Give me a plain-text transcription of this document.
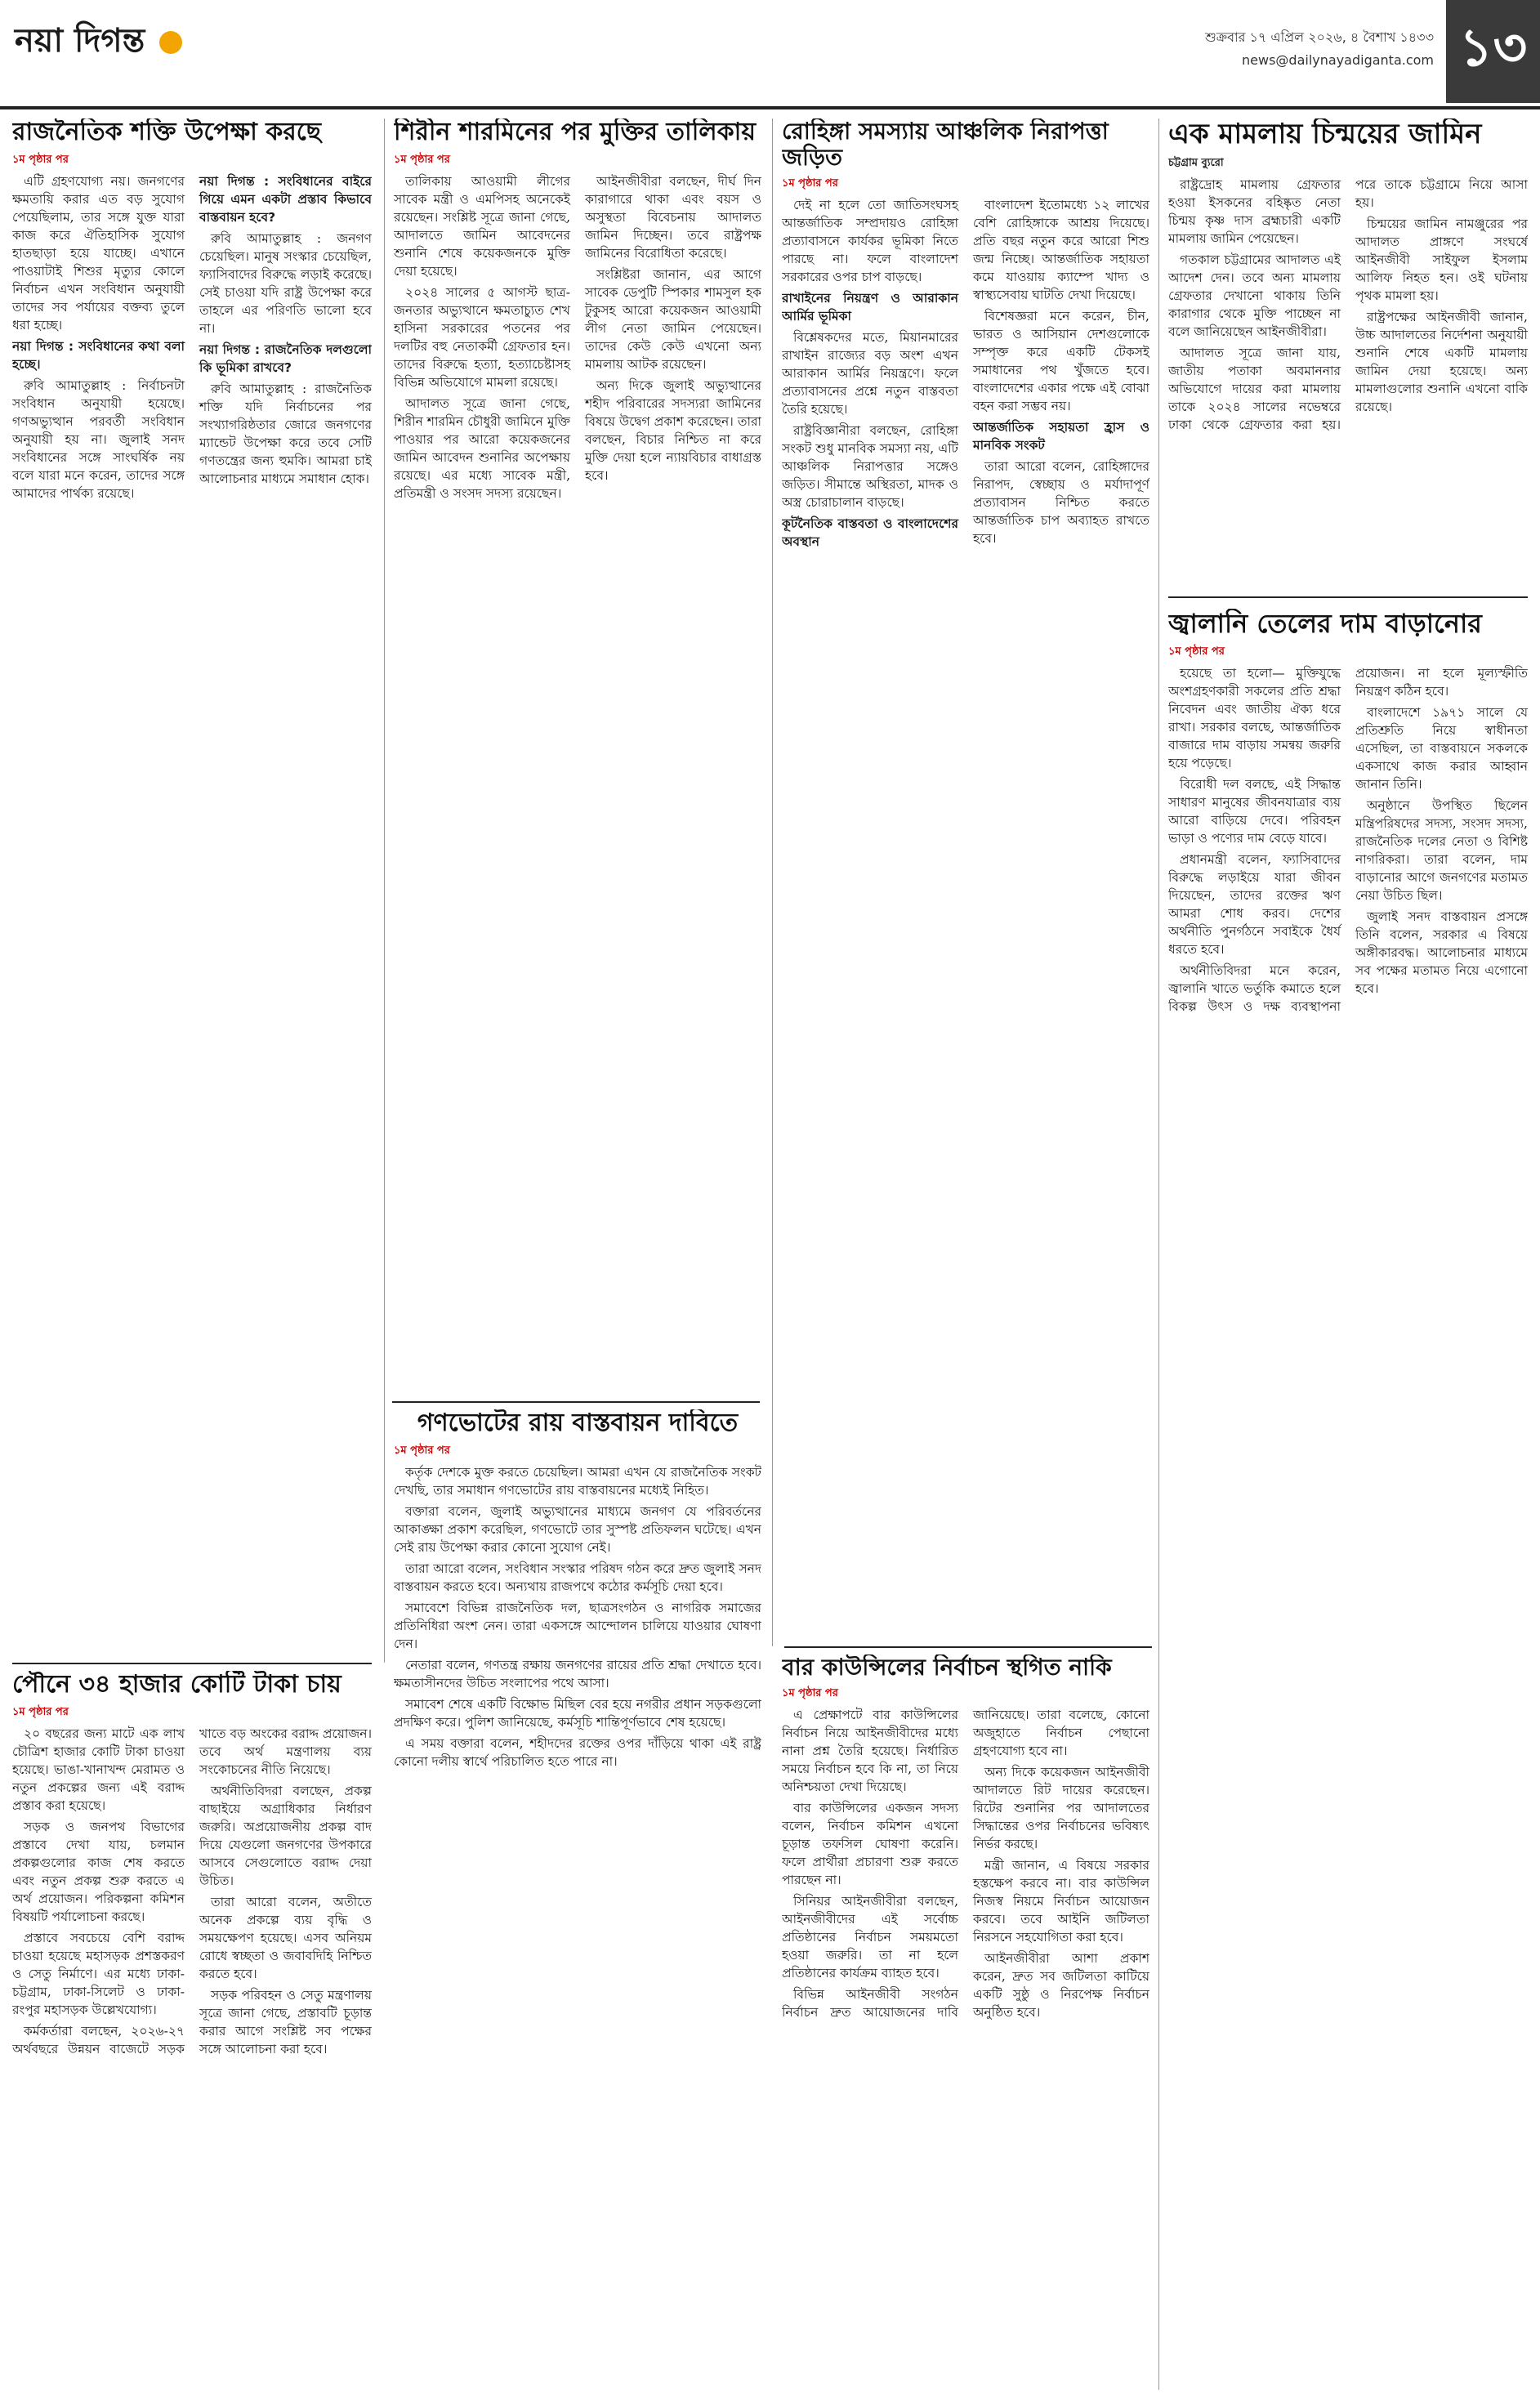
নয়া দিগন্ত	শুক্রবার ১৭ এপ্রিল ২০২৬, ৪ বৈশাখ ১৪৩৩
news@dailynayadiganta.com ১৩
রাজনৈতিক শক্তি উপেক্ষা করছে
১ম পৃষ্ঠার পর

এটি গ্রহণযোগ্য নয়। জনগণের ক্ষমতায়ি করার এত বড় সুযোগ পেয়েছিলাম, তার সঙ্গে যুক্ত যারা কাজ করে ঐতিহাসিক সুযোগ হাতছাড়া হয়ে যাচ্ছে। এখানে পাওয়াটাই শিশুর মৃত্যুর কোলে নির্বাচন এখন সংবিধান অনুযায়ী তাদের সব পর্যায়ের বক্তব্য তুলে ধরা হচ্ছে।

নয়া দিগন্ত : সংবিধানের কথা বলা হচ্ছে।

রুবি আমাতুল্লাহ : নির্বাচনটা সংবিধান অনুযায়ী হয়েছে। গণঅভ্যুত্থান পরবর্তী সংবিধান অনুযায়ী হয় না। জুলাই সনদ সংবিধানের সঙ্গে সাংঘর্ষিক নয় বলে যারা মনে করেন, তাদের সঙ্গে আমাদের পার্থক্য রয়েছে।

নয়া দিগন্ত : সংবিধানের বাইরে গিয়ে এমন একটা প্রস্তাব কিভাবে বাস্তবায়ন হবে?

রুবি আমাতুল্লাহ : জনগণ চেয়েছিল। মানুষ সংস্কার চেয়েছিল, ফ্যাসিবাদের বিরুদ্ধে লড়াই করেছে। সেই চাওয়া যদি রাষ্ট্র উপেক্ষা করে তাহলে এর পরিণতি ভালো হবে না।

নয়া দিগন্ত : রাজনৈতিক দলগুলো কি ভূমিকা রাখবে?

রুবি আমাতুল্লাহ : রাজনৈতিক শক্তি যদি নির্বাচনের পর সংখ্যাগরিষ্ঠতার জোরে জনগণের ম্যান্ডেট উপেক্ষা করে তবে সেটি গণতন্ত্রের জন্য হুমকি। আমরা চাই আলোচনার মাধ্যমে সমাধান হোক।

শিরীন শারমিনের পর মুক্তির তালিকায়
১ম পৃষ্ঠার পর

তালিকায় আওয়ামী লীগের সাবেক মন্ত্রী ও এমপিসহ অনেকেই রয়েছেন। সংশ্লিষ্ট সূত্রে জানা গেছে, আদালতে জামিন আবেদনের শুনানি শেষে কয়েকজনকে মুক্তি দেয়া হয়েছে।

২০২৪ সালের ৫ আগস্ট ছাত্র-জনতার অভ্যুত্থানে ক্ষমতাচ্যুত শেখ হাসিনা সরকারের পতনের পর দলটির বহু নেতাকর্মী গ্রেফতার হন। তাদের বিরুদ্ধে হত্যা, হত্যাচেষ্টাসহ বিভিন্ন অভিযোগে মামলা রয়েছে।

আদালত সূত্রে জানা গেছে, শিরীন শারমিন চৌধুরী জামিনে মুক্তি পাওয়ার পর আরো কয়েকজনের জামিন আবেদন শুনানির অপেক্ষায় রয়েছে। এর মধ্যে সাবেক মন্ত্রী, প্রতিমন্ত্রী ও সংসদ সদস্য রয়েছেন।

আইনজীবীরা বলছেন, দীর্ঘ দিন কারাগারে থাকা এবং বয়স ও অসুস্থতা বিবেচনায় আদালত জামিন দিচ্ছেন। তবে রাষ্ট্রপক্ষ জামিনের বিরোধিতা করেছে।

সংশ্লিষ্টরা জানান, এর আগে সাবেক ডেপুটি স্পিকার শামসুল হক টুকুসহ আরো কয়েকজন আওয়ামী লীগ নেতা জামিন পেয়েছেন। তাদের কেউ কেউ এখনো অন্য মামলায় আটক রয়েছেন।

অন্য দিকে জুলাই অভ্যুত্থানের শহীদ পরিবারের সদস্যরা জামিনের বিষয়ে উদ্বেগ প্রকাশ করেছেন। তারা বলছেন, বিচার নিশ্চিত না করে মুক্তি দেয়া হলে ন্যায়বিচার বাধাগ্রস্ত হবে।

রোহিঙ্গা সমস্যায় আঞ্চলিক নিরাপত্তা জড়িত
১ম পৃষ্ঠার পর

দেই না হলে তো জাতিসংঘসহ আন্তর্জাতিক সম্প্রদায়ও রোহিঙ্গা প্রত্যাবাসনে কার্যকর ভূমিকা নিতে পারছে না। ফলে বাংলাদেশ সরকারের ওপর চাপ বাড়ছে।

রাখাইনের নিয়ন্ত্রণ ও আরাকান আর্মির ভূমিকা

বিশ্লেষকদের মতে, মিয়ানমারের রাখাইন রাজ্যের বড় অংশ এখন আরাকান আর্মির নিয়ন্ত্রণে। ফলে প্রত্যাবাসনের প্রশ্নে নতুন বাস্তবতা তৈরি হয়েছে।

রাষ্ট্রবিজ্ঞানীরা বলছেন, রোহিঙ্গা সংকট শুধু মানবিক সমস্যা নয়, এটি আঞ্চলিক নিরাপত্তার সঙ্গেও জড়িত। সীমান্তে অস্থিরতা, মাদক ও অস্ত্র চোরাচালান বাড়ছে।

কূটনৈতিক বাস্তবতা ও বাংলাদেশের অবস্থান

বাংলাদেশ ইতোমধ্যে ১২ লাখের বেশি রোহিঙ্গাকে আশ্রয় দিয়েছে। প্রতি বছর নতুন করে আরো শিশু জন্ম নিচ্ছে। আন্তর্জাতিক সহায়তা কমে যাওয়ায় ক্যাম্পে খাদ্য ও স্বাস্থ্যসেবায় ঘাটতি দেখা দিয়েছে।

বিশেষজ্ঞরা মনে করেন, চীন, ভারত ও আসিয়ান দেশগুলোকে সম্পৃক্ত করে একটি টেকসই সমাধানের পথ খুঁজতে হবে। বাংলাদেশের একার পক্ষে এই বোঝা বহন করা সম্ভব নয়।

আন্তর্জাতিক সহায়তা হ্রাস ও মানবিক সংকট

তারা আরো বলেন, রোহিঙ্গাদের নিরাপদ, স্বেচ্ছায় ও মর্যাদাপূর্ণ প্রত্যাবাসন নিশ্চিত করতে আন্তর্জাতিক চাপ অব্যাহত রাখতে হবে।

এক মামলায় চিন্ময়ের জামিন
চট্টগ্রাম ব্যুরো

রাষ্ট্রদ্রোহ মামলায় গ্রেফতার হওয়া ইসকনের বহিষ্কৃত নেতা চিন্ময় কৃষ্ণ দাস ব্রহ্মচারী একটি মামলায় জামিন পেয়েছেন।

গতকাল চট্টগ্রামের আদালত এই আদেশ দেন। তবে অন্য মামলায় গ্রেফতার দেখানো থাকায় তিনি কারাগার থেকে মুক্তি পাচ্ছেন না বলে জানিয়েছেন আইনজীবীরা।

আদালত সূত্রে জানা যায়, জাতীয় পতাকা অবমাননার অভিযোগে দায়ের করা মামলায় তাকে ২০২৪ সালের নভেম্বরে ঢাকা থেকে গ্রেফতার করা হয়। পরে তাকে চট্টগ্রামে নিয়ে আসা হয়।

চিন্ময়ের জামিন নামঞ্জুরের পর আদালত প্রাঙ্গণে সংঘর্ষে আইনজীবী সাইফুল ইসলাম আলিফ নিহত হন। ওই ঘটনায় পৃথক মামলা হয়।

রাষ্ট্রপক্ষের আইনজীবী জানান, উচ্চ আদালতের নির্দেশনা অনুযায়ী শুনানি শেষে একটি মামলায় জামিন দেয়া হয়েছে। অন্য মামলাগুলোর শুনানি এখনো বাকি রয়েছে।

জ্বালানি তেলের দাম বাড়ানোর
১ম পৃষ্ঠার পর

হয়েছে তা হলো— মুক্তিযুদ্ধে অংশগ্রহণকারী সকলের প্রতি শ্রদ্ধা নিবেদন এবং জাতীয় ঐক্য ধরে রাখা। সরকার বলছে, আন্তর্জাতিক বাজারে দাম বাড়ায় সমন্বয় জরুরি হয়ে পড়েছে।

বিরোধী দল বলছে, এই সিদ্ধান্ত সাধারণ মানুষের জীবনযাত্রার ব্যয় আরো বাড়িয়ে দেবে। পরিবহন ভাড়া ও পণ্যের দাম বেড়ে যাবে।

প্রধানমন্ত্রী বলেন, ফ্যাসিবাদের বিরুদ্ধে লড়াইয়ে যারা জীবন দিয়েছেন, তাদের রক্তের ঋণ আমরা শোধ করব। দেশের অর্থনীতি পুনর্গঠনে সবাইকে ধৈর্য ধরতে হবে।

অর্থনীতিবিদরা মনে করেন, জ্বালানি খাতে ভর্তুকি কমাতে হলে বিকল্প উৎস ও দক্ষ ব্যবস্থাপনা প্রয়োজন। না হলে মূল্যস্ফীতি নিয়ন্ত্রণ কঠিন হবে।

বাংলাদেশে ১৯৭১ সালে যে প্রতিশ্রুতি নিয়ে স্বাধীনতা এসেছিল, তা বাস্তবায়নে সকলকে একসাথে কাজ করার আহ্বান জানান তিনি।

অনুষ্ঠানে উপস্থিত ছিলেন মন্ত্রিপরিষদের সদস্য, সংসদ সদস্য, রাজনৈতিক দলের নেতা ও বিশিষ্ট নাগরিকরা। তারা বলেন, দাম বাড়ানোর আগে জনগণের মতামত নেয়া উচিত ছিল।

জুলাই সনদ বাস্তবায়ন প্রসঙ্গে তিনি বলেন, সরকার এ বিষয়ে অঙ্গীকারবদ্ধ। আলোচনার মাধ্যমে সব পক্ষের মতামত নিয়ে এগোনো হবে।

গণভোটের রায় বাস্তবায়ন দাবিতে
১ম পৃষ্ঠার পর

কর্তৃক দেশকে মুক্ত করতে চেয়েছিল। আমরা এখন যে রাজনৈতিক সংকট দেখছি, তার সমাধান গণভোটের রায় বাস্তবায়নের মধ্যেই নিহিত।

বক্তারা বলেন, জুলাই অভ্যুত্থানের মাধ্যমে জনগণ যে পরিবর্তনের আকাঙ্ক্ষা প্রকাশ করেছিল, গণভোটে তার সুস্পষ্ট প্রতিফলন ঘটেছে। এখন সেই রায় উপেক্ষা করার কোনো সুযোগ নেই।

তারা আরো বলেন, সংবিধান সংস্কার পরিষদ গঠন করে দ্রুত জুলাই সনদ বাস্তবায়ন করতে হবে। অন্যথায় রাজপথে কঠোর কর্মসূচি দেয়া হবে।

সমাবেশে বিভিন্ন রাজনৈতিক দল, ছাত্রসংগঠন ও নাগরিক সমাজের প্রতিনিধিরা অংশ নেন। তারা একসঙ্গে আন্দোলন চালিয়ে যাওয়ার ঘোষণা দেন।

নেতারা বলেন, গণতন্ত্র রক্ষায় জনগণের রায়ের প্রতি শ্রদ্ধা দেখাতে হবে। ক্ষমতাসীনদের উচিত সংলাপের পথে আসা।

সমাবেশ শেষে একটি বিক্ষোভ মিছিল বের হয়ে নগরীর প্রধান সড়কগুলো প্রদক্ষিণ করে। পুলিশ জানিয়েছে, কর্মসূচি শান্তিপূর্ণভাবে শেষ হয়েছে।

এ সময় বক্তারা বলেন, শহীদদের রক্তের ওপর দাঁড়িয়ে থাকা এই রাষ্ট্র কোনো দলীয় স্বার্থে পরিচালিত হতে পারে না।

পৌনে ৩৪ হাজার কোটি টাকা চায়
১ম পৃষ্ঠার পর

২০ বছরের জন্য মাটে এক লাখ চৌত্রিশ হাজার কোটি টাকা চাওয়া হয়েছে। ভাঙা-খানাখন্দ মেরামত ও নতুন প্রকল্পের জন্য এই বরাদ্দ প্রস্তাব করা হয়েছে।

সড়ক ও জনপথ বিভাগের প্রস্তাবে দেখা যায়, চলমান প্রকল্পগুলোর কাজ শেষ করতে এবং নতুন প্রকল্প শুরু করতে এ অর্থ প্রয়োজন। পরিকল্পনা কমিশন বিষয়টি পর্যালোচনা করছে।

প্রস্তাবে সবচেয়ে বেশি বরাদ্দ চাওয়া হয়েছে মহাসড়ক প্রশস্তকরণ ও সেতু নির্মাণে। এর মধ্যে ঢাকা-চট্টগ্রাম, ঢাকা-সিলেট ও ঢাকা-রংপুর মহাসড়ক উল্লেখযোগ্য।

কর্মকর্তারা বলছেন, ২০২৬-২৭ অর্থবছরে উন্নয়ন বাজেটে সড়ক খাতে বড় অংকের বরাদ্দ প্রয়োজন। তবে অর্থ মন্ত্রণালয় ব্যয় সংকোচনের নীতি নিয়েছে।

অর্থনীতিবিদরা বলছেন, প্রকল্প বাছাইয়ে অগ্রাধিকার নির্ধারণ জরুরি। অপ্রয়োজনীয় প্রকল্প বাদ দিয়ে যেগুলো জনগণের উপকারে আসবে সেগুলোতে বরাদ্দ দেয়া উচিত।

তারা আরো বলেন, অতীতে অনেক প্রকল্পে ব্যয় বৃদ্ধি ও সময়ক্ষেপণ হয়েছে। এসব অনিয়ম রোধে স্বচ্ছতা ও জবাবদিহি নিশ্চিত করতে হবে।

সড়ক পরিবহন ও সেতু মন্ত্রণালয় সূত্রে জানা গেছে, প্রস্তাবটি চূড়ান্ত করার আগে সংশ্লিষ্ট সব পক্ষের সঙ্গে আলোচনা করা হবে।

বার কাউন্সিলের নির্বাচন স্থগিত নাকি
১ম পৃষ্ঠার পর

এ প্রেক্ষাপটে বার কাউন্সিলের নির্বাচন নিয়ে আইনজীবীদের মধ্যে নানা প্রশ্ন তৈরি হয়েছে। নির্ধারিত সময়ে নির্বাচন হবে কি না, তা নিয়ে অনিশ্চয়তা দেখা দিয়েছে।

বার কাউন্সিলের একজন সদস্য বলেন, নির্বাচন কমিশন এখনো চূড়ান্ত তফসিল ঘোষণা করেনি। ফলে প্রার্থীরা প্রচারণা শুরু করতে পারছেন না।

সিনিয়র আইনজীবীরা বলছেন, আইনজীবীদের এই সর্বোচ্চ প্রতিষ্ঠানের নির্বাচন সময়মতো হওয়া জরুরি। তা না হলে প্রতিষ্ঠানের কার্যক্রম ব্যাহত হবে।

বিভিন্ন আইনজীবী সংগঠন নির্বাচন দ্রুত আয়োজনের দাবি জানিয়েছে। তারা বলেছে, কোনো অজুহাতে নির্বাচন পেছানো গ্রহণযোগ্য হবে না।

অন্য দিকে কয়েকজন আইনজীবী আদালতে রিট দায়ের করেছেন। রিটের শুনানির পর আদালতের সিদ্ধান্তের ওপর নির্বাচনের ভবিষ্যৎ নির্ভর করছে।

মন্ত্রী জানান, এ বিষয়ে সরকার হস্তক্ষেপ করবে না। বার কাউন্সিল নিজস্ব নিয়মে নির্বাচন আয়োজন করবে। তবে আইনি জটিলতা নিরসনে সহযোগিতা করা হবে।

আইনজীবীরা আশা প্রকাশ করেন, দ্রুত সব জটিলতা কাটিয়ে একটি সুষ্ঠু ও নিরপেক্ষ নির্বাচন অনুষ্ঠিত হবে।
